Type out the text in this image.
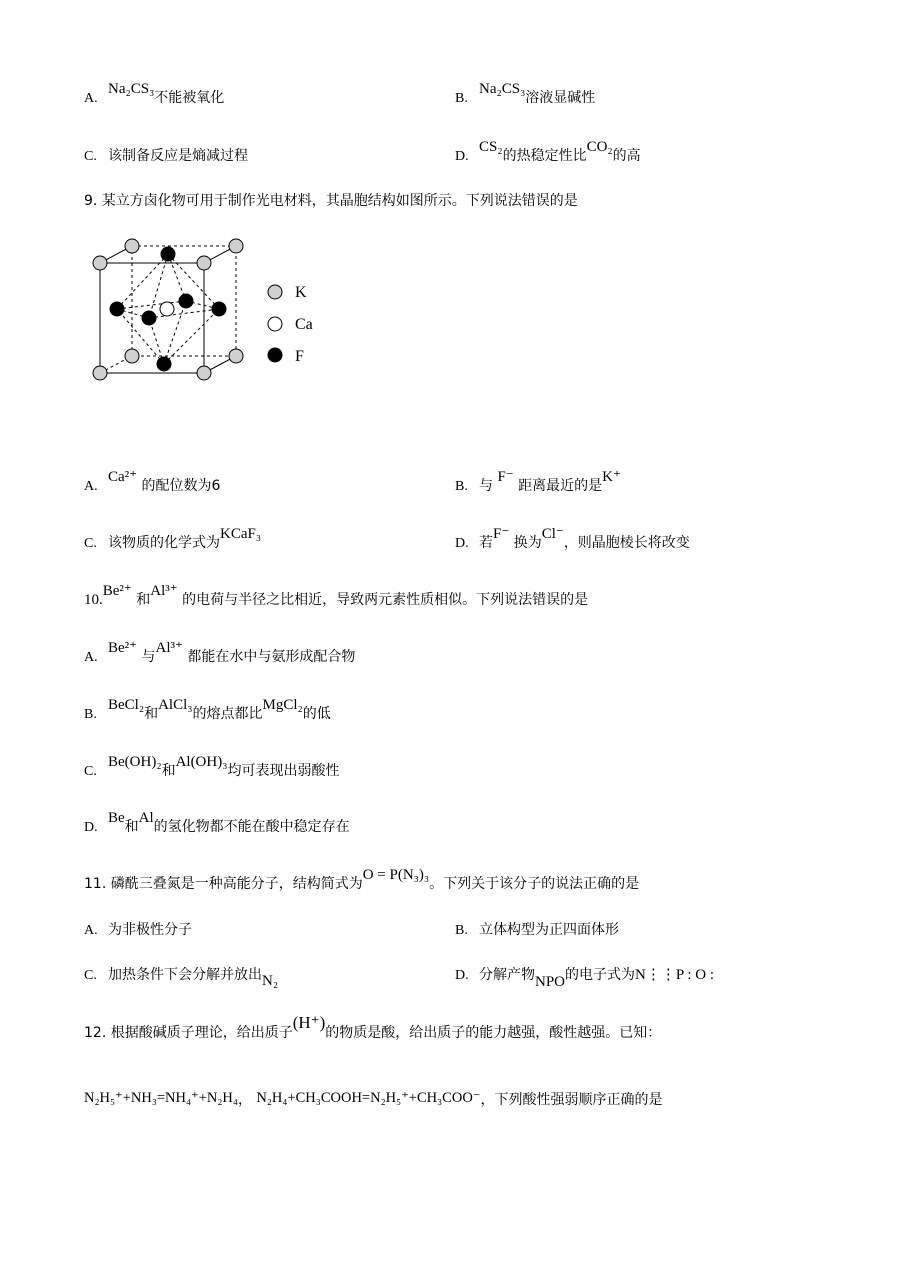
A.Na₂CS₃不能被氧化	B.Na₂CS₃溶液显碱性
C. 该制备反应是熵减过程	D.CS₂的热稳定性比CO₂的高
9. 某立方卤化物可用于制作光电材料，其晶胞结构如图所示。下列说法错误的是
K
Ca
F
A.Ca²⁺ 的配位数为6	B. 与 F⁻ 距离最近的是K⁺
C. 该物质的化学式为KCaF₃
D. 若F⁻ 换为Cl⁻，则晶胞棱长将改变
10.Be²⁺ 和Al³⁺ 的电荷与半径之比相近，导致两元素性质相似。下列说法错误的是
A.Be²⁺ 与Al³⁺ 都能在水中与氨形成配合物
B.BeCl₂和AlCl₃的熔点都比MgCl₂的低
C.Be(OH)₂和Al(OH)₃均可表现出弱酸性
D.Be和Al的氢化物都不能在酸中稳定存在
11. 磷酰三叠氮是一种高能分子，结构简式为O = P(N₃)₃。下列关于该分子的说法正确的是
A. 为非极性分子	B. 立体构型为正四面体形
C. 加热条件下会分解并放出N₂	D. 分解产物NPO的电子式为N⋮⋮P : O :
12. 根据酸碱质子理论，给出质子(H⁺)的物质是酸，给出质子的能力越强，酸性越强。已知：
N₂H₅⁺+NH₃=NH₄⁺+N₂H₄， N₂H₄+CH₃COOH=N₂H₅⁺+CH₃COO⁻，下列酸性强弱顺序正确的是
